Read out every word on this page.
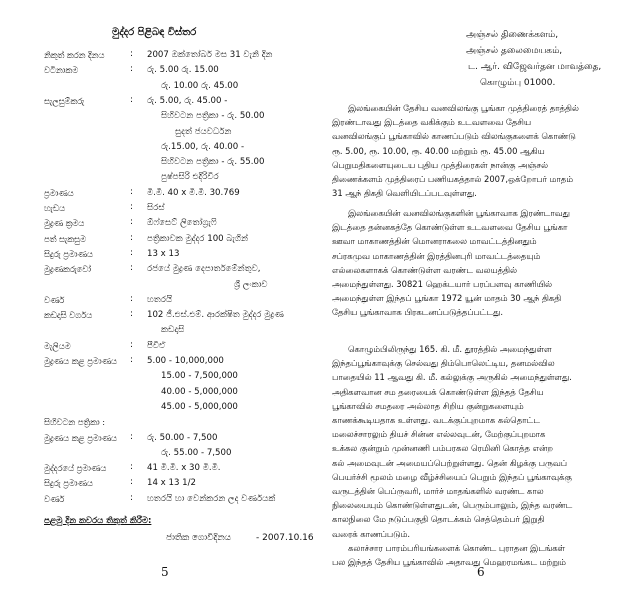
මුද්දර පිළිබඳ විස්තර
නිකුත් කරන දිනය	: 2007 ඔක්තෝබර් මස 31 වැනි දින
වටිනාකම	: රු. 5.00 රු. 15.00
රු. 10.00 රු. 45.00
සැලසුම්කරු	: රු. 5.00, රු. 45.00 -
සිහිවටන පත්‍රිකා - රු. 50.00
සුදත් ජයවර්ධන
රු.15.00, රු. 40.00 -
සිහිවටන පත්‍රිකා - රු. 55.00
පුෂ්පසිරි එදිරිවීර
ප්‍රමාණය	: මි.මී. 40 x මි.මී. 30.769
හැඩය	: සිරස්
මුද්‍රණ ක්‍රමය	: ඕෆ්සෙට් ලිතෝග්‍රැෆි
පත් සැකසුම	: පත්‍රිකාවක මුද්දර 100 බැගින්
සිදුරු ප්‍රමාණය	: 13 x 13
මුද්‍රණකරුවෝ	: රජයේ මුද්‍රණ දෙපාර්තමේන්තුව,
ශ්‍රී ලංකාව
වර්ණ	: හතරයි
කඩදාසි වර්ගය	: 102 ජී.එස්.එම්. ආරක්ෂිත මුද්දර මුද්‍රණ
කඩදාසි
මැලියම	: පීවීඒ
මුද්‍රණය කළ ප්‍රමාණය : 5.00 - 10,000,000
15.00 - 7,500,000
40.00 - 5,000,000
45.00 - 5,000,000
සිහිවටන පත්‍රිකා :
මුද්‍රණය කළ ප්‍රමාණය : රු. 50.00 - 7,500
රු. 55.00 - 7,500
මුද්දරයේ ප්‍රමාණය	: 41 මි.මී. x 30 මි.මී.
සිදුරු ප්‍රමාණය	: 14 x 13 1/2
වර්ණ	: හතරයි හා වෙන්කරන ලද වර්ණයක්
පළමු දින කවරය තිකුත් කිරීම:
ජාතික ගොවිදිනය	- 2007.10.16
5
அஞ்சல் திணைக்களம்,
அஞ்சல் தலைமையகம்,
ட. ஆர். விஜேவர்தன மாவத்தை,
கொழும்பு 01000.
இலங்கையின் தேசிய வனவிலங்கு பூங்கா முத்திரைத் தாத்தில்
இரண்டாவது இடத்தை வகிக்கும் உடவளவை தேசிய
வனவிலங்குப் பூங்காவில் காணப்படும் விலங்குகளைக் கொண்டு
ரூ. 5.00, ரூ. 10.00, ரூ. 40.00 மற்றும் ரூ. 45.00 ஆகிய
பெறுமதிகளையுடைய புதிய முத்திரைகள் நான்கு அஞ்சல்
திணைக்களம் முத்திரைப் பணியகத்தால் 2007,ஒக்றோபர் மாதம்
31 ஆந் திகதி வெளியிடப்படவுள்ளது.
இலங்கையின் வனவிலங்குகளின் பூங்காவாக இரண்டாவது
இடத்தை தன்னகத்தே கொண்டுள்ள உடவளவை தேசிய பூங்கா
ஊவா மாகாணத்தின் மொனராகலை மாவட்டத்தினதும்
சப்ரகமுவ மாகாணத்தின் இரத்தினபுரி மாவட்டத்தையும்
எல்லைகளாகக் கொண்டுள்ள வரண்ட வலயத்தில்
அமைந்துள்ளது. 30821 ஹெக்டயார் பரப்பளவு காணியில்
அமைந்துள்ள இந்தப் பூங்கா 1972 யூன் மாதம் 30 ஆந் திகதி
தேசிய பூங்காவாக பிரகடனப்படுத்தப்பட்டது.
கொழும்பிலிருந்து 165. கி. மீ. தூரத்தில் அமைந்துள்ள
இந்தப்பூங்காவுக்கு செல்வது திம்பொலெட்டிய, தனமல்வில
பாதையில் 11 ஆவது கி. மீ. கல்லுக்கு அருகில் அமைந்துள்ளது.
அதிகளவான சம தரையைக் கொண்டுள்ள இந்தத் தேசிய
பூங்காவில் சமதரை அல்லாத சிறிய குன்றுகளையும்
காணக்கூடியதாக உள்ளது. வடக்குப்புறமாக கல்தொட்ட
மலைச்சாரலும் தியச் சின்ன எல்லவுடன், மேற்குப்புறமாக
உக்கல குன்றும் முன்னணி பம்பரகல ரெமினி கொத்த என்ற
கல் அமைவுடன் அமையப்பெற்றுள்ளது. தென் கிழக்கு பருவப்
பெயர்ச்சி மூலம் மழை வீழ்ச்சியைப் பெறும் இந்தப் பூங்காவுக்கு
வருடத்தின் பெப்ருவரி, மார்ச் மாதங்களில் வரண்ட கால
நிலையையும் கொண்டுள்ளதுடன், பெரும்பாலும், இந்த வரண்ட
காலநிலை மே நடுப்பகுதி தொடக்கம் செத்தெம்பர் இறுதி
வரைக் காணப்படும்.
கலாச்சார பாரம்பரியங்களைக் கொண்ட புராதன இடங்கள்
பல இந்தத் தேசிய பூங்காவில் அதாவது மெஹரமங்கட மற்றும்
6
